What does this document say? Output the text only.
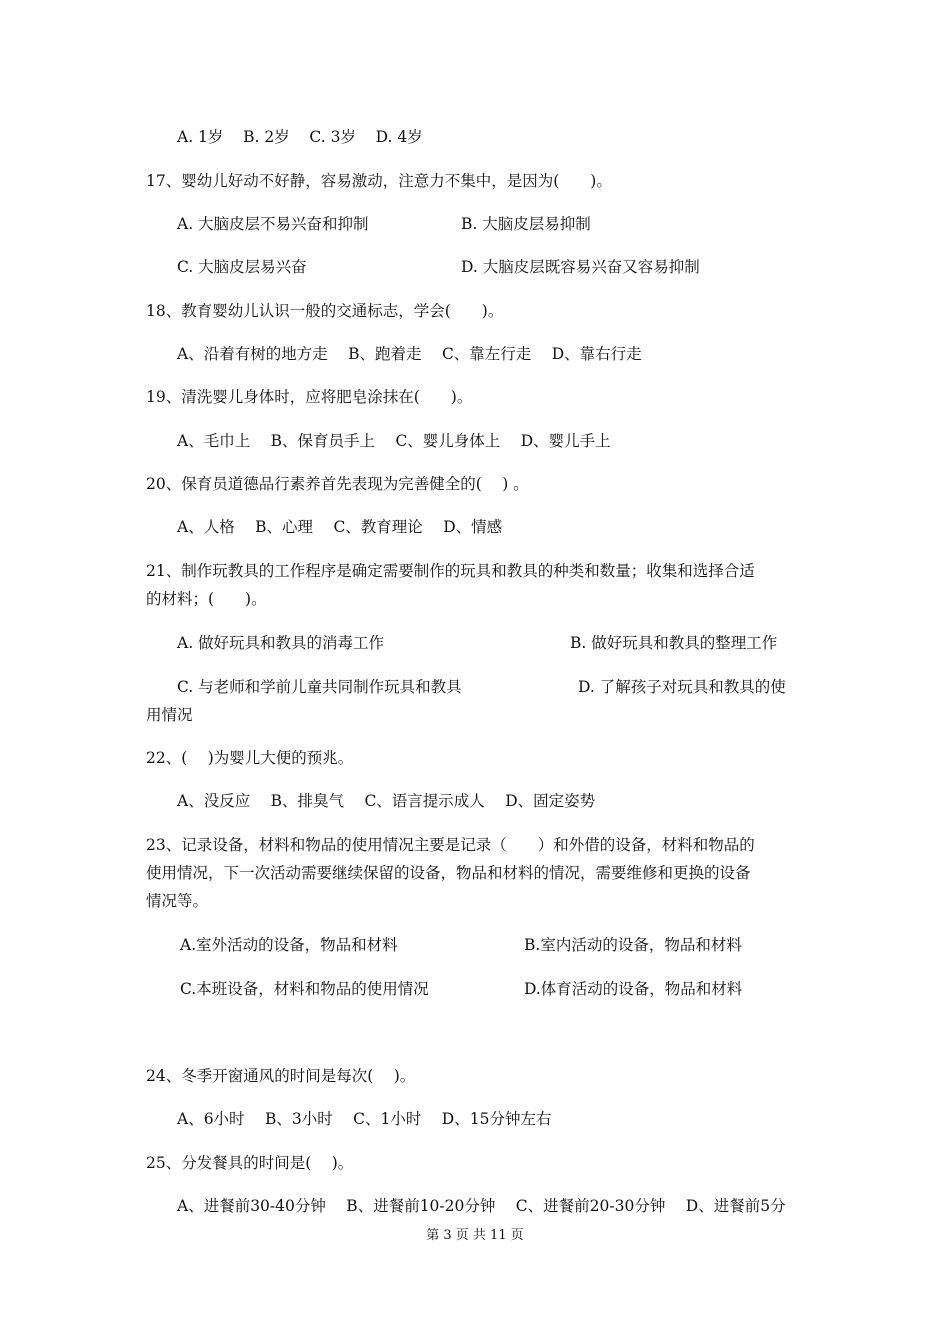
A. 1岁    B. 2岁    C. 3岁    D. 4岁
17、婴幼儿好动不好静，容易激动，注意力不集中，是因为(　　)。
A. 大脑皮层不易兴奋和抑制	B. 大脑皮层易抑制
C. 大脑皮层易兴奋	D. 大脑皮层既容易兴奋又容易抑制
18、教育婴幼儿认识一般的交通标志，学会(　　)。
A、沿着有树的地方走　 B、跑着走　 C、靠左行走　 D、靠右行走
19、清洗婴儿身体时，应将肥皂涂抹在(　　)。
A、毛巾上　 B、保育员手上　 C、婴儿身体上　 D、婴儿手上
20、保育员道德品行素养首先表现为完善健全的(　 ) 。
A、人格　 B、心理　 C、教育理论　 D、情感
21、制作玩教具的工作程序是确定需要制作的玩具和教具的种类和数量；收集和选择合适
的材料；(　　)。
A. 做好玩具和教具的消毒工作	B. 做好玩具和教具的整理工作
C. 与老师和学前儿童共同制作玩具和教具	D. 了解孩子对玩具和教具的使
用情况
22、(　 )为婴儿大便的预兆。
A、没反应　 B、排臭气　 C、语言提示成人　 D、固定姿势
23、记录设备，材料和物品的使用情况主要是记录（　　）和外借的设备，材料和物品的
使用情况，下一次活动需要继续保留的设备，物品和材料的情况，需要维修和更换的设备
情况等。
A.室外活动的设备，物品和材料	B.室内活动的设备，物品和材料
C.本班设备，材料和物品的使用情况	D.体育活动的设备，物品和材料
24、冬季开窗通风的时间是每次(　 )。
A、6小时　 B、3小时　 C、1小时　 D、15分钟左右
25、分发餐具的时间是(　 )。
A、进餐前30-40分钟　 B、进餐前10-20分钟　 C、进餐前20-30分钟　 D、进餐前5分
第 3 页 共 11 页
